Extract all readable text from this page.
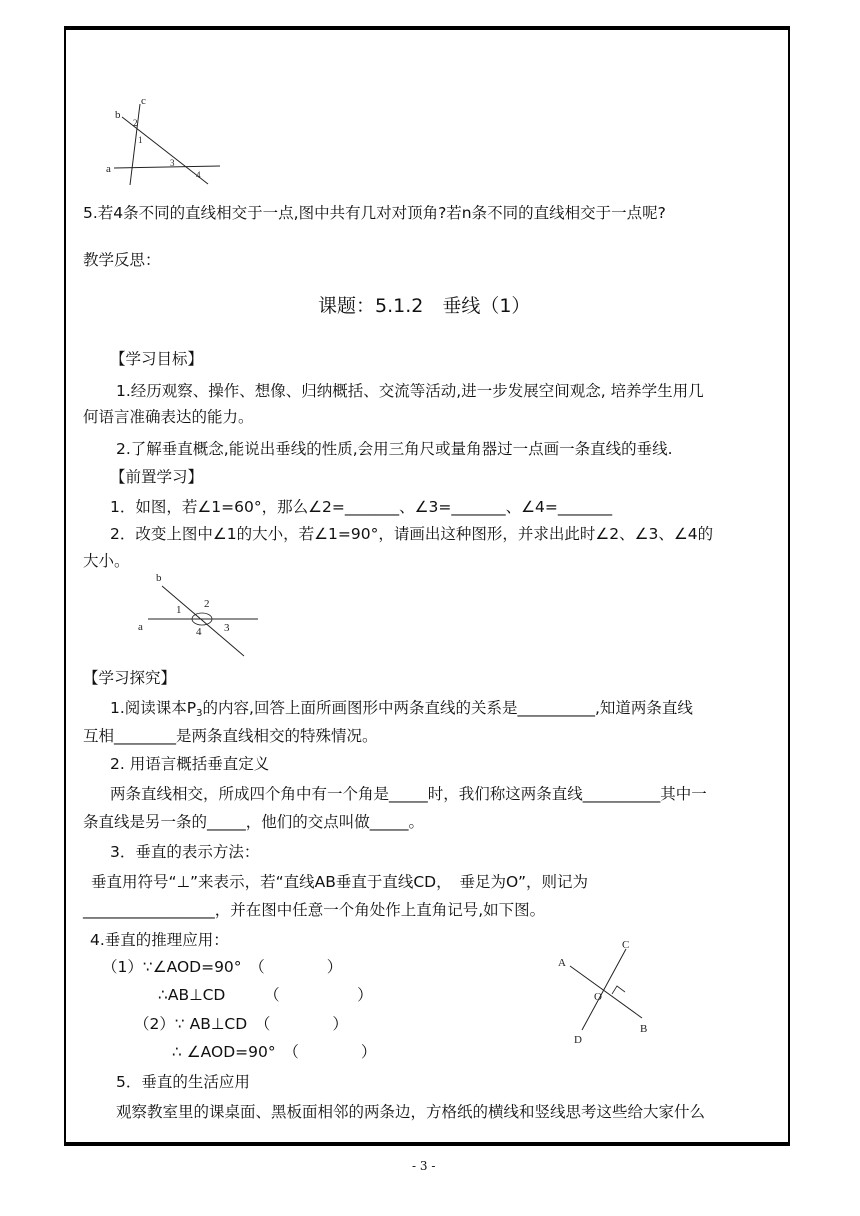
c
b
2
1
a	3
4
5.若4条不同的直线相交于一点,图中共有几对对顶角?若n条不同的直线相交于一点呢?
教学反思：
课题：5.1.2　垂线（1）
【学习目标】
1.经历观察、操作、想像、归纳概括、交流等活动,进一步发展空间观念, 培养学生用几
何语言准确表达的能力。
2.了解垂直概念,能说出垂线的性质,会用三角尺或量角器过一点画一条直线的垂线.
【前置学习】
1．如图，若∠1=60°，那么∠2=_______、∠3=_______、∠4=_______
2．改变上图中∠1的大小，若∠1=90°，请画出这种图形，并求出此时∠2、∠3、∠4的
大小。
b
a
1 2
4 3
【学习探究】
1.阅读课本$P_3$的内容,回答上面所画图形中两条直线的关系是__________,知道两条直线
互相________是两条直线相交的特殊情况。
2. 用语言概括垂直定义
两条直线相交，所成四个角中有一个角是_____时，我们称这两条直线__________其中一
条直线是另一条的_____，他们的交点叫做_____。
3．垂直的表示方法：
垂直用符号“⊥”来表示，若“直线AB垂直于直线CD， 垂足为O”，则记为
_________________，并在图中任意一个角处作上直角记号,如下图。
4.垂直的推理应用：
（1）∵∠AOD=90°　（　　　　）
∴AB⊥CD　　　（　　　　　）
（2）∵ AB⊥CD　（　　　　）
∴ ∠AOD=90°　（　　　　）
A
C
O
B
D
5．垂直的生活应用
观察教室里的课桌面、黑板面相邻的两条边，方格纸的横线和竖线思考这些给大家什么
- 3 -
